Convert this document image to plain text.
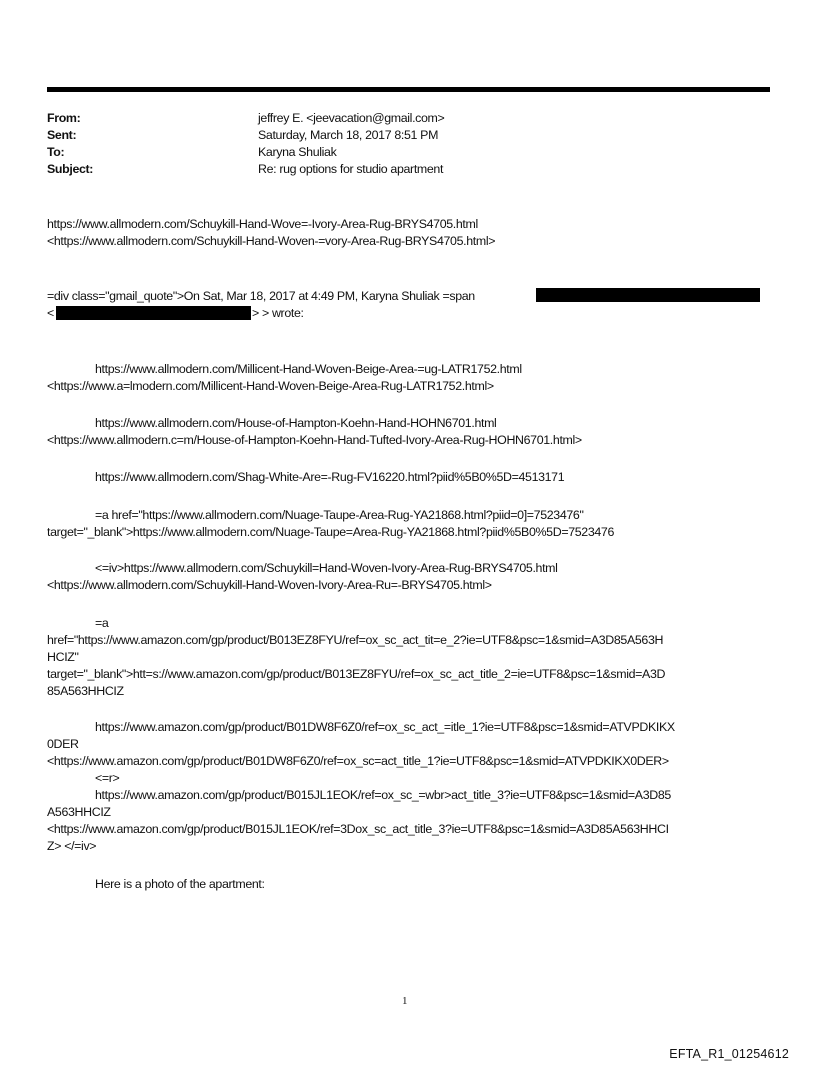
From:	jeffrey E. <jeevacation@gmail.com>
Sent:	Saturday, March 18, 2017 8:51 PM
To:	Karyna Shuliak
Subject:	Re: rug options for studio apartment
https://www.allmodern.com/Schuykill-Hand-Wove=-Ivory-Area-Rug-BRYS4705.html
<https://www.allmodern.com/Schuykill-Hand-Woven-=vory-Area-Rug-BRYS4705.html>
=div class="gmail_quote">On Sat, Mar 18, 2017 at 4:49 PM, Karyna Shuliak =span
<	> > wrote:
https://www.allmodern.com/Millicent-Hand-Woven-Beige-Area-=ug-LATR1752.html
<https://www.a=lmodern.com/Millicent-Hand-Woven-Beige-Area-Rug-LATR1752.html>
https://www.allmodern.com/House-of-Hampton-Koehn-Hand-HOHN6701.html
<https://www.allmodern.c=m/House-of-Hampton-Koehn-Hand-Tufted-Ivory-Area-Rug-HOHN6701.html>
https://www.allmodern.com/Shag-White-Are=-Rug-FV16220.html?piid%5B0%5D=4513171
=a href="https://www.allmodern.com/Nuage-Taupe-Area-Rug-YA21868.html?piid=0]=7523476"
target="_blank">https://www.allmodern.com/Nuage-Taupe=Area-Rug-YA21868.html?piid%5B0%5D=7523476
<=iv>https://www.allmodern.com/Schuykill=Hand-Woven-Ivory-Area-Rug-BRYS4705.html
<https://www.allmodern.com/Schuykill-Hand-Woven-Ivory-Area-Ru=-BRYS4705.html>
=a
href="https://www.amazon.com/gp/product/B013EZ8FYU/ref=ox_sc_act_tit=e_2?ie=UTF8&psc=1&smid=A3D85A563H
HCIZ"
target="_blank">htt=s://www.amazon.com/gp/product/B013EZ8FYU/ref=ox_sc_act_title_2=ie=UTF8&psc=1&smid=A3D
85A563HHCIZ
https://www.amazon.com/gp/product/B01DW8F6Z0/ref=ox_sc_act_=itle_1?ie=UTF8&psc=1&smid=ATVPDKIKX
0DER
<https://www.amazon.com/gp/product/B01DW8F6Z0/ref=ox_sc=act_title_1?ie=UTF8&psc=1&smid=ATVPDKIKX0DER>
<=r>
https://www.amazon.com/gp/product/B015JL1EOK/ref=ox_sc_=wbr>act_title_3?ie=UTF8&psc=1&smid=A3D85
A563HHCIZ
<https://www.amazon.com/gp/product/B015JL1EOK/ref=3Dox_sc_act_title_3?ie=UTF8&psc=1&smid=A3D85A563HHCI
Z> </=iv>
Here is a photo of the apartment:
1
EFTA_R1_01254612
